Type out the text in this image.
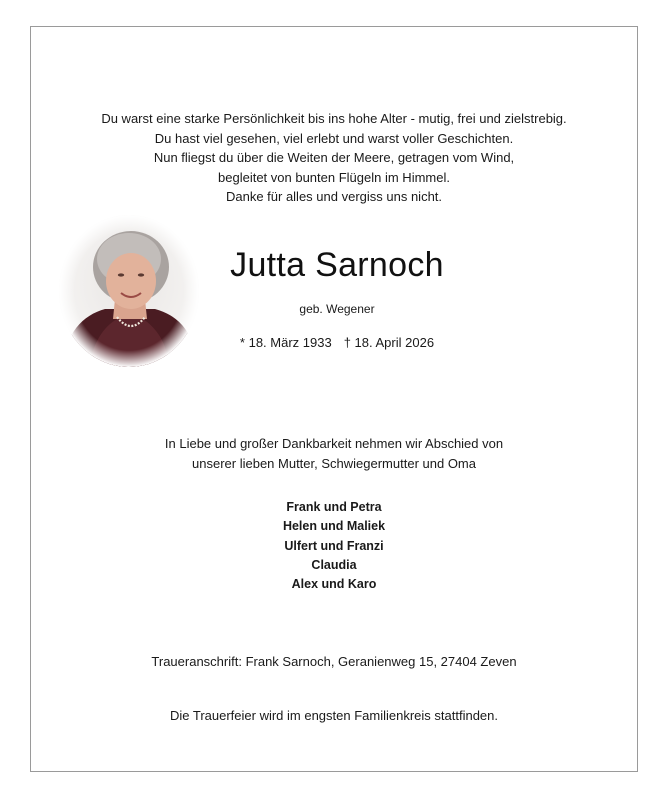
Du warst eine starke Persönlichkeit bis ins hohe Alter - mutig, frei und zielstrebig.
Du hast viel gesehen, viel erlebt und warst voller Geschichten.
Nun fliegst du über die Weiten der Meere, getragen vom Wind,
begleitet von bunten Flügeln im Himmel.
Danke für alles und vergiss uns nicht.
Jutta Sarnoch
geb. Wegener
* 18. März 1933 † 18. April 2026
In Liebe und großer Dankbarkeit nehmen wir Abschied von
unserer lieben Mutter, Schwiegermutter und Oma
Frank und Petra
Helen und Maliek
Ulfert und Franzi
Claudia
Alex und Karo
Traueranschrift: Frank Sarnoch, Geranienweg 15, 27404 Zeven
Die Trauerfeier wird im engsten Familienkreis stattfinden.
